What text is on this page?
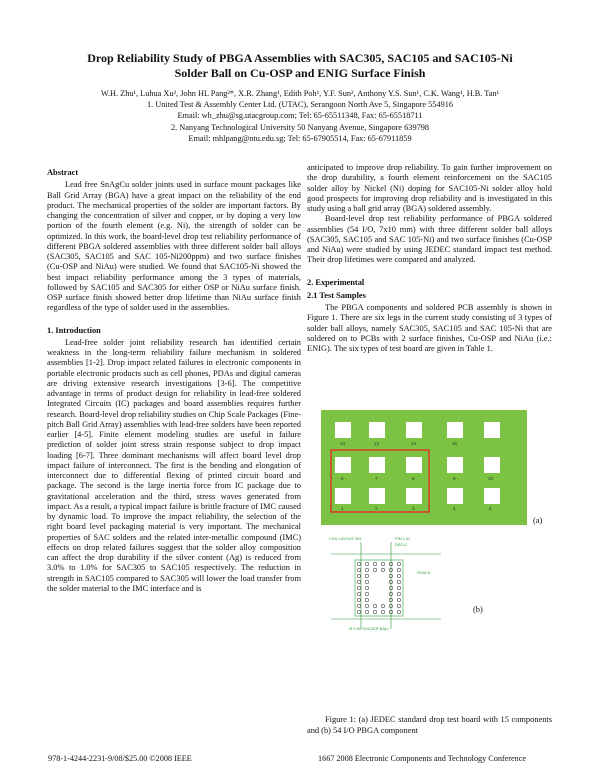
Drop Reliability Study of PBGA Assemblies with SAC305, SAC105 and SAC105-Ni
Solder Ball on Cu-OSP and ENIG Surface Finish
W.H. Zhu¹, Luhua Xu², John HL Pang²*, X.R. Zhang¹, Edith Poh¹, Y.F. Sun², Anthony Y.S. Sun¹, C.K. Wang¹, H.B. Tan¹
1. United Test & Assembly Center Ltd. (UTAC), Serangoon North Ave 5, Singapore 554916
Email: wh_zhu@sg.utacgroup.com; Tel: 65-65511348, Fax: 65-65518711
2. Nanyang Technological University 50 Nanyang Avenue, Singapore 639798
Email: mhlpang@ntu.edu.sg; Tel: 65-67905514, Fax: 65-67911859
Abstract

Lead free SnAgCu solder joints used in surface mount packages like Ball Grid Array (BGA) have a great impact on the reliability of the end product. The mechanical properties of the solder are important factors. By changing the concentration of silver and copper, or by doping a very low portion of the fourth element (e.g. Ni), the strength of solder can be optimized. In this work, the board-level drop test reliability performance of different PBGA soldered assemblies with three different solder ball alloys (SAC305, SAC105 and SAC 105-Ni200ppm) and two surface finishes (Cu-OSP and NiAu) were studied. We found that SAC105-Ni showed the best impact reliability performance among the 3 types of materials, followed by SAC105 and SAC305 for either OSP or NiAu surface finish. OSP surface finish showed better drop lifetime than NiAu surface finish regardless of the type of solder used in the assemblies.

1. Introduction

Lead-free solder joint reliability research has identified certain weakness in the long-term reliability failure mechanism in soldered assemblies [1-2]. Drop impact related failures in electronic components in portable electronic products such as cell phones, PDAs and digital cameras are driving extensive research investigations [3-6]. The competitive advantage in terms of product design for reliability in lead-free soldered Integrated Circuits (IC) packages and board assemblies requires further research. Board-level drop reliability studies on Chip Scale Packages (Fine-pitch Ball Grid Array) assemblies with lead-free solders have been reported earlier [4-5]. Finite element modeling studies are useful in failure prediction of solder joint stress strain response subject to drop impact loading [6-7]. Three dominant mechanisms will affect board level drop impact failure of interconnect. The first is the bending and elongation of interconnect due to differential flexing of printed circuit board and package. The second is the large inertia force from IC package due to gravitational acceleration and the third, stress waves generated from impact. As a result, a typical impact failure is brittle fracture of IMC caused by dynamic load. To improve the impact reliability, the selection of the right board level packaging material is very important. The mechanical properties of SAC solders and the related inter-metallic compound (IMC) effects on drop related failures suggest that the solder alloy composition can affect the drop durability if the silver content (Ag) is reduced from 3.0% to 1.0% for SAC305 to SAC105 respectively. The reduction in strength in SAC105 compared to SAC305 will lower the load transfer from the solder material to the IMC interface and is

anticipated to improve drop reliability. To gain further improvement on the drop durability, a fourth element reinforcement on the SAC105 solder alloy by Nickel (Ni) doping for SAC105-Ni solder alloy hold good prospects for improving drop reliability and is investigated in this study using a ball grid array (BGA) soldered assembly.

Board-level drop test reliability performance of PBGA soldered assemblies (54 I/O, 7x10 mm) with three different solder ball alloys (SAC305, SAC105 and SAC 105-Ni) and two surface finishes (Cu-OSP and NiAu) were studied by using JEDEC standard impact test method. Their drop lifetimes were compared and analyzed.

2. Experimental
2.1 Test Samples

The PBGA components and soldered PCB assembly is shown in Figure 1. There are six legs in the current study consisting of 3 types of solder ball alloys, namely SAC305, SAC105 and SAC 105-Ni that are soldered on to PCBs with 2 surface finishes, Cu-OSP and NiAu (i.e.: ENIG). The six types of test board are given in Table 1.

13	12	14	15
6	7	8	9	10
1	2	3	4	5
(a)
CSS LAYOUT NO.	PIN 1 ID
DECO
ROW A
Ø 0.50 SOLDER BALL
(b)
Figure 1: (a) JEDEC standard drop test board with 15 components and (b) 54 I/O PBGA component
978-1-4244-2231-9/08/$25.00 ©2008 IEEE	1667 2008 Electronic Components and Technology Conference
